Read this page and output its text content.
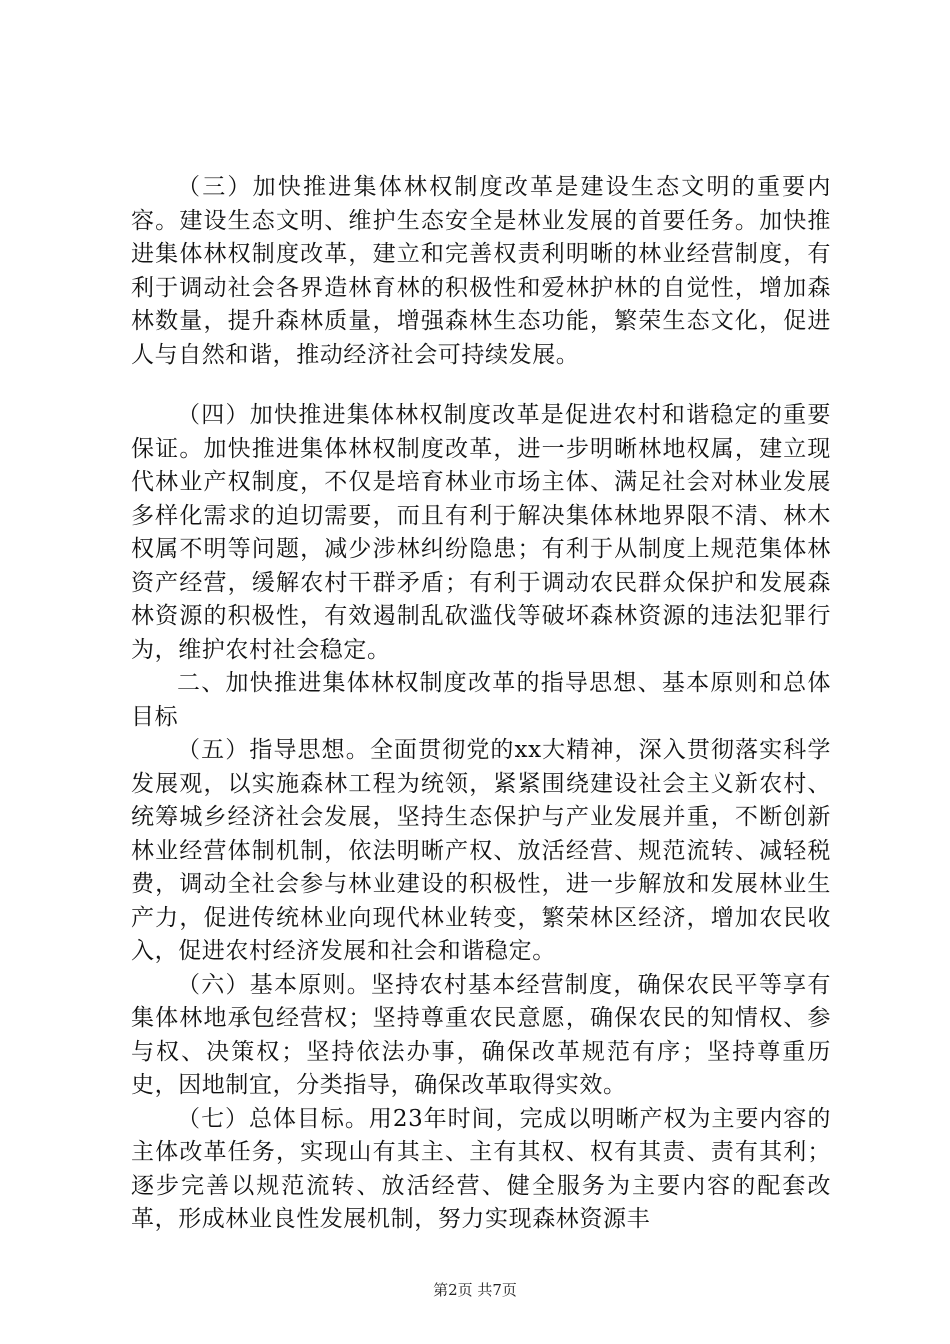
（三）加快推进集体林权制度改革是建设生态文明的重要内容。建设生态文明、维护生态安全是林业发展的首要任务。加快推进集体林权制度改革，建立和完善权责利明晰的林业经营制度，有利于调动社会各界造林育林的积极性和爱林护林的自觉性，增加森林数量，提升森林质量，增强森林生态功能，繁荣生态文化，促进人与自然和谐，推动经济社会可持续发展。

（四）加快推进集体林权制度改革是促进农村和谐稳定的重要保证。加快推进集体林权制度改革，进一步明晰林地权属，建立现代林业产权制度，不仅是培育林业市场主体、满足社会对林业发展多样化需求的迫切需要，而且有利于解决集体林地界限不清、林木权属不明等问题，减少涉林纠纷隐患；有利于从制度上规范集体林资产经营，缓解农村干群矛盾；有利于调动农民群众保护和发展森林资源的积极性，有效遏制乱砍滥伐等破坏森林资源的违法犯罪行为，维护农村社会稳定。

二、加快推进集体林权制度改革的指导思想、基本原则和总体目标

（五）指导思想。全面贯彻党的xx大精神，深入贯彻落实科学发展观，以实施森林工程为统领，紧紧围绕建设社会主义新农村、统筹城乡经济社会发展，坚持生态保护与产业发展并重，不断创新林业经营体制机制，依法明晰产权、放活经营、规范流转、减轻税费，调动全社会参与林业建设的积极性，进一步解放和发展林业生产力，促进传统林业向现代林业转变，繁荣林区经济，增加农民收入，促进农村经济发展和社会和谐稳定。

（六）基本原则。坚持农村基本经营制度，确保农民平等享有集体林地承包经营权；坚持尊重农民意愿，确保农民的知情权、参与权、决策权；坚持依法办事，确保改革规范有序；坚持尊重历史，因地制宜，分类指导，确保改革取得实效。

（七）总体目标。用23年时间，完成以明晰产权为主要内容的主体改革任务，实现山有其主、主有其权、权有其责、责有其利；逐步完善以规范流转、放活经营、健全服务为主要内容的配套改革，形成林业良性发展机制，努力实现森林资源丰

第2页 共7页
